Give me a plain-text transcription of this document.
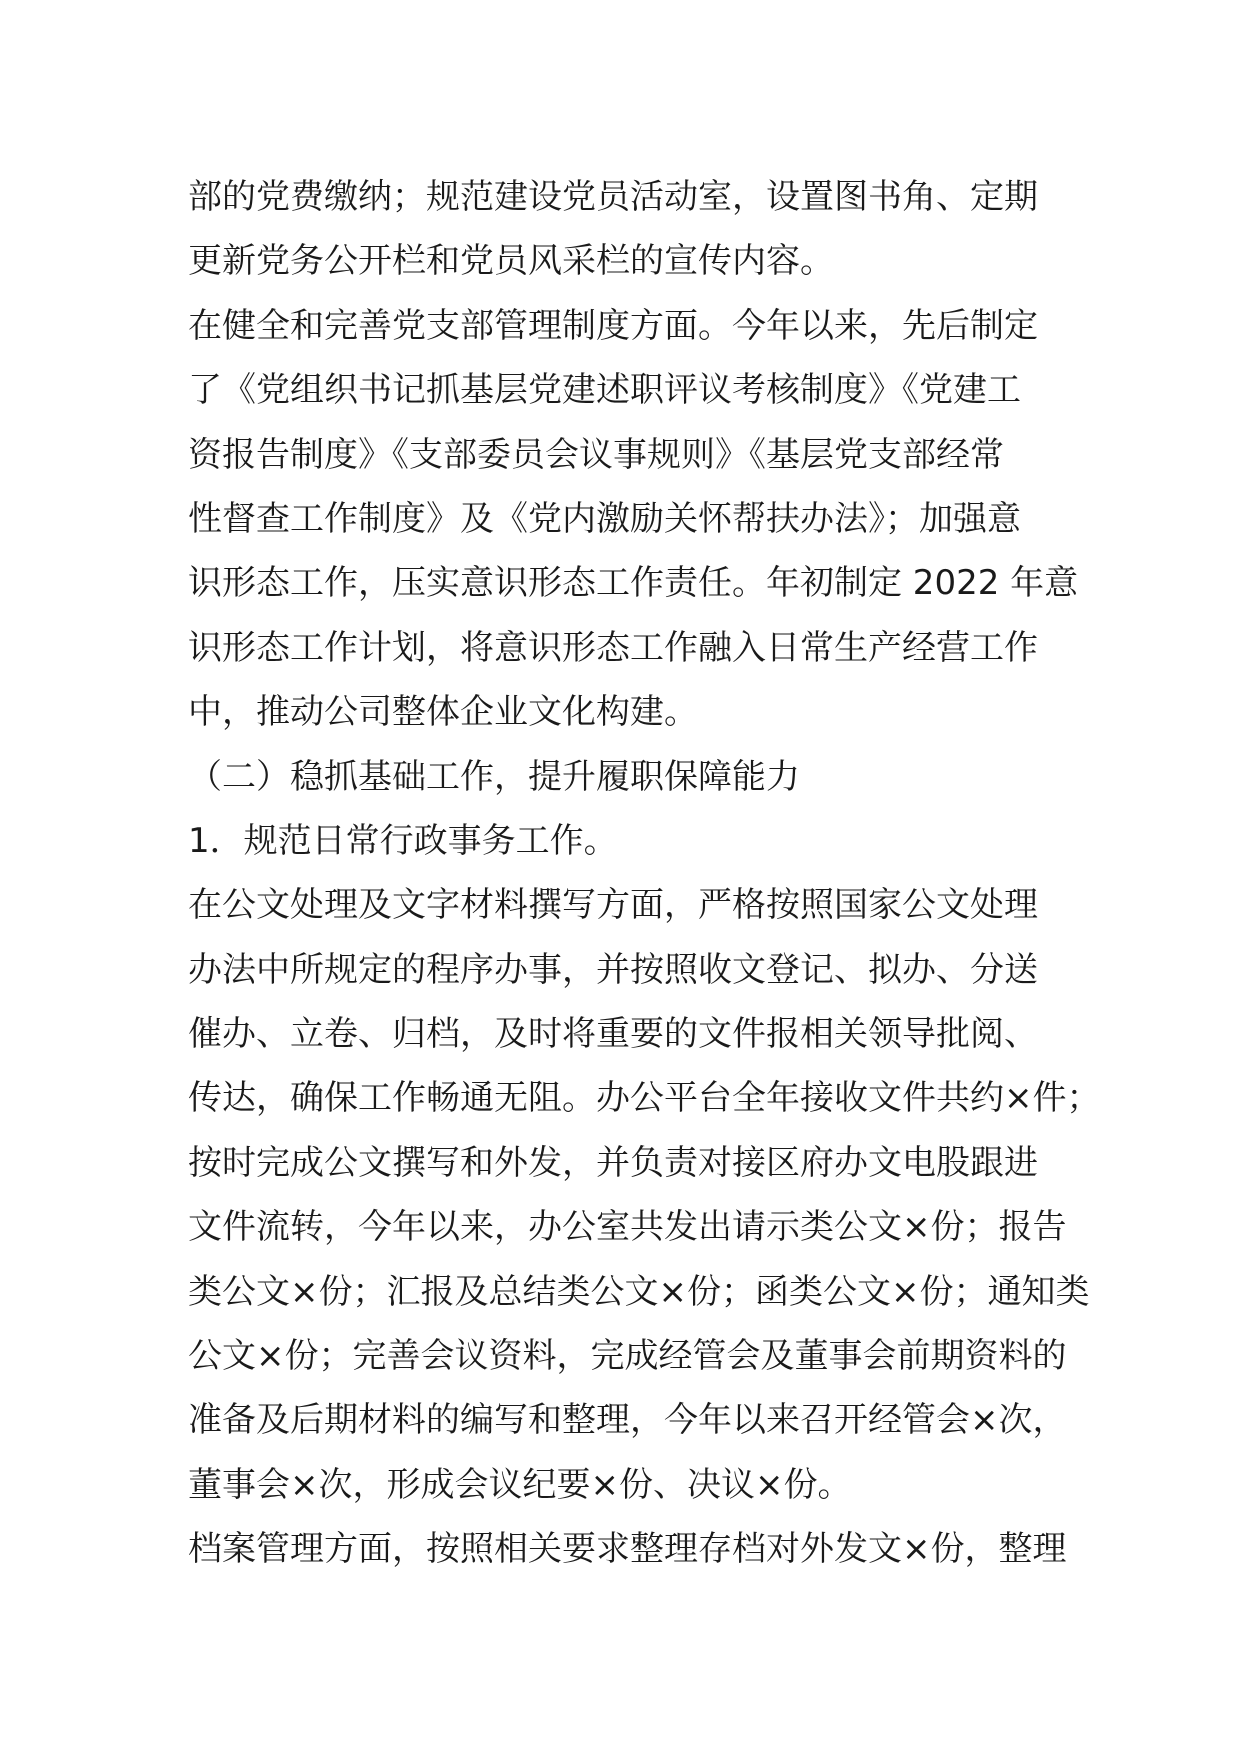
部的党费缴纳；规范建设党员活动室，设置图书角、定期
更新党务公开栏和党员风采栏的宣传内容。
在健全和完善党支部管理制度方面。今年以来，先后制定
了《党组织书记抓基层党建述职评议考核制度》《党建工
资报告制度》《支部委员会议事规则》《基层党支部经常
性督查工作制度》及《党内激励关怀帮扶办法》；加强意
识形态工作，压实意识形态工作责任。年初制定 2022 年意
识形态工作计划，将意识形态工作融入日常生产经营工作
中，推动公司整体企业文化构建。
（二）稳抓基础工作，提升履职保障能力
1．规范日常行政事务工作。
在公文处理及文字材料撰写方面，严格按照国家公文处理
办法中所规定的程序办事，并按照收文登记、拟办、分送
催办、立卷、归档，及时将重要的文件报相关领导批阅、
传达，确保工作畅通无阻。办公平台全年接收文件共约×件；
按时完成公文撰写和外发，并负责对接区府办文电股跟进
文件流转，今年以来，办公室共发出请示类公文×份；报告
类公文×份；汇报及总结类公文×份；函类公文×份；通知类
公文×份；完善会议资料，完成经管会及董事会前期资料的
准备及后期材料的编写和整理，今年以来召开经管会×次，
董事会×次，形成会议纪要×份、决议×份。
档案管理方面，按照相关要求整理存档对外发文×份，整理
